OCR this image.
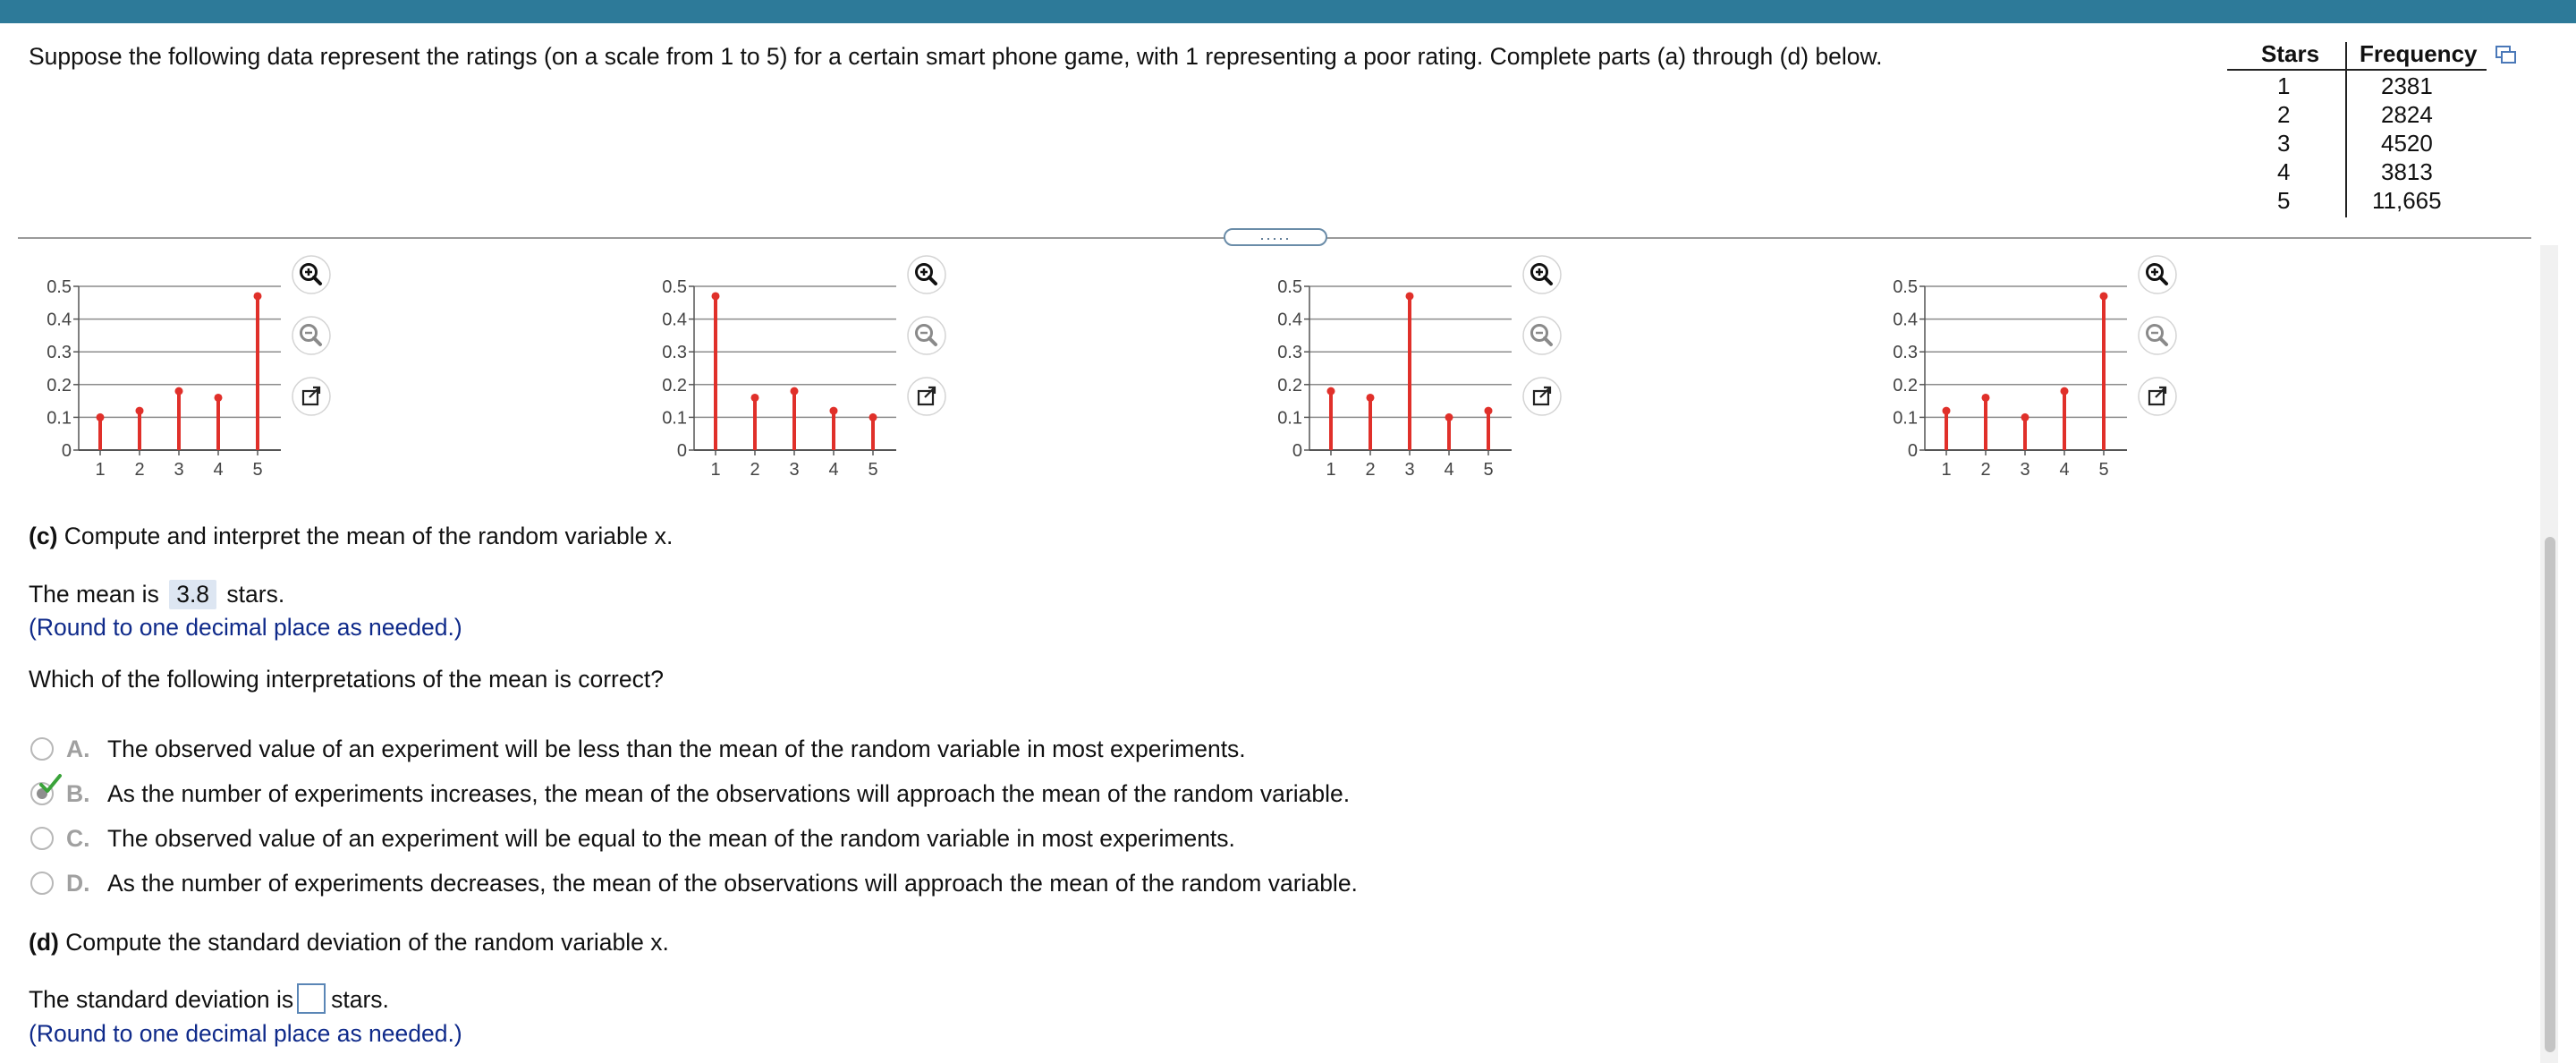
Suppose the following data represent the ratings (on a scale from 1 to 5) for a certain smart phone game, with 1 representing a poor rating. Complete parts (a) through (d) below.	Stars Frequency
1	2381
2	2824
3	4520
4	3813
5	11,665
.....
0
0.1
0.2
0.3
0.4
0.5
1 2 3 4 5
0
0.1
0.2
0.3
0.4
0.5
1 2 3 4 5
0
0.1
0.2
0.3
0.4
0.5
1 2 3 4 5
0
0.1
0.2
0.3
0.4
0.5
1 2 3 4 5
(c) Compute and interpret the mean of the random variable x.
The mean is 3.8 stars.
(Round to one decimal place as needed.)
Which of the following interpretations of the mean is correct?
A. The observed value of an experiment will be less than the mean of the random variable in most experiments.
B. As the number of experiments increases, the mean of the observations will approach the mean of the random variable.
C. The observed value of an experiment will be equal to the mean of the random variable in most experiments.
D. As the number of experiments decreases, the mean of the observations will approach the mean of the random variable.
(d) Compute the standard deviation of the random variable x.
The standard deviation is stars.
(Round to one decimal place as needed.)
